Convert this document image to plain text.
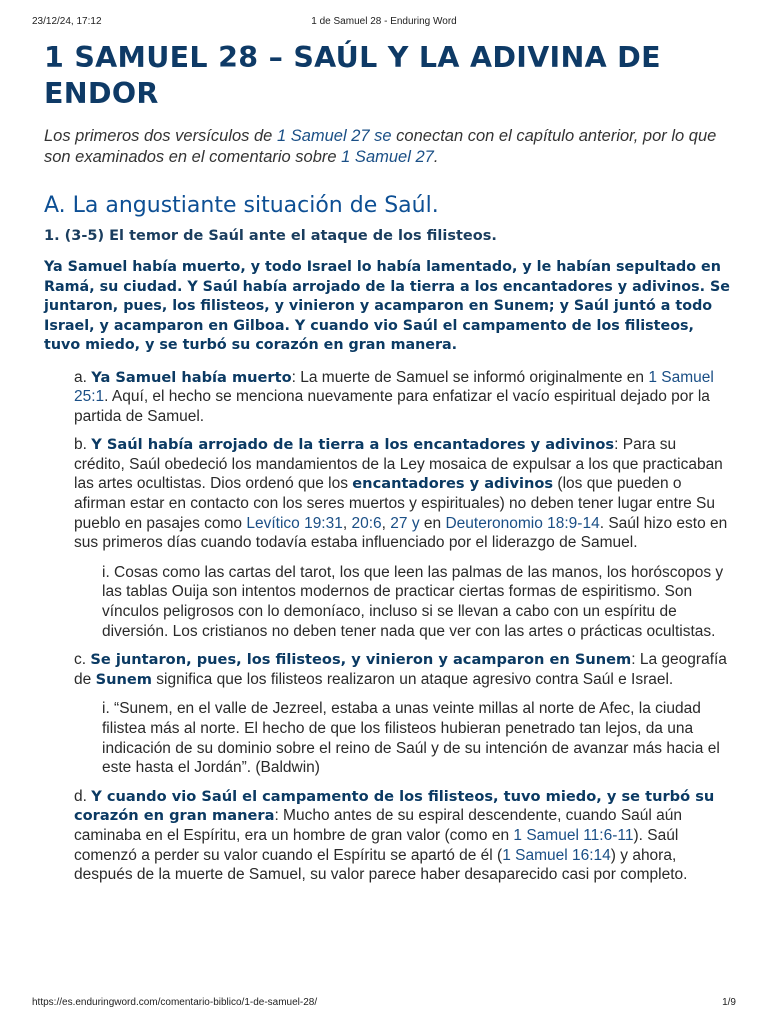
23/12/24, 17:12	1 de Samuel 28 - Enduring Word
1 SAMUEL 28 – SAÚL Y LA ADIVINA DE ENDOR

Los primeros dos versículos de 1 Samuel 27 se conectan con el capítulo anterior, por lo que son examinados en el comentario sobre 1 Samuel 27.

A. La angustiante situación de Saúl.
1. (3-5) El temor de Saúl ante el ataque de los filisteos.

Ya Samuel había muerto, y todo Israel lo había lamentado, y le habían sepultado en Ramá, su ciudad. Y Saúl había arrojado de la tierra a los encantadores y adivinos. Se juntaron, pues, los filisteos, y vinieron y acamparon en Sunem; y Saúl juntó a todo Israel, y acamparon en Gilboa. Y cuando vio Saúl el campamento de los filisteos, tuvo miedo, y se turbó su corazón en gran manera.

a. Ya Samuel había muerto: La muerte de Samuel se informó originalmente en 1 Samuel 25:1. Aquí, el hecho se menciona nuevamente para enfatizar el vacío espiritual dejado por la partida de Samuel.

b. Y Saúl había arrojado de la tierra a los encantadores y adivinos: Para su crédito, Saúl obedeció los mandamientos de la Ley mosaica de expulsar a los que practicaban las artes ocultistas. Dios ordenó que los encantadores y adivinos (los que pueden o afirman estar en contacto con los seres muertos y espirituales) no deben tener lugar entre Su pueblo en pasajes como Levítico 19:31, 20:6, 27 y en Deuteronomio 18:9-14. Saúl hizo esto en sus primeros días cuando todavía estaba influenciado por el liderazgo de Samuel.

i. Cosas como las cartas del tarot, los que leen las palmas de las manos, los horóscopos y las tablas Ouija son intentos modernos de practicar ciertas formas de espiritismo. Son vínculos peligrosos con lo demoníaco, incluso si se llevan a cabo con un espíritu de diversión. Los cristianos no deben tener nada que ver con las artes o prácticas ocultistas.

c. Se juntaron, pues, los filisteos, y vinieron y acamparon en Sunem: La geografía de Sunem significa que los filisteos realizaron un ataque agresivo contra Saúl e Israel.

i. “Sunem, en el valle de Jezreel, estaba a unas veinte millas al norte de Afec, la ciudad filistea más al norte. El hecho de que los filisteos hubieran penetrado tan lejos, da una indicación de su dominio sobre el reino de Saúl y de su intención de avanzar más hacia el este hasta el Jordán”. (Baldwin)

d. Y cuando vio Saúl el campamento de los filisteos, tuvo miedo, y se turbó su corazón en gran manera: Mucho antes de su espiral descendente, cuando Saúl aún caminaba en el Espíritu, era un hombre de gran valor (como en 1 Samuel 11:6-11). Saúl comenzó a perder su valor cuando el Espíritu se apartó de él (1 Samuel 16:14) y ahora, después de la muerte de Samuel, su valor parece haber desaparecido casi por completo.

https://es.enduringword.com/comentario-biblico/1-de-samuel-28/	1/9
